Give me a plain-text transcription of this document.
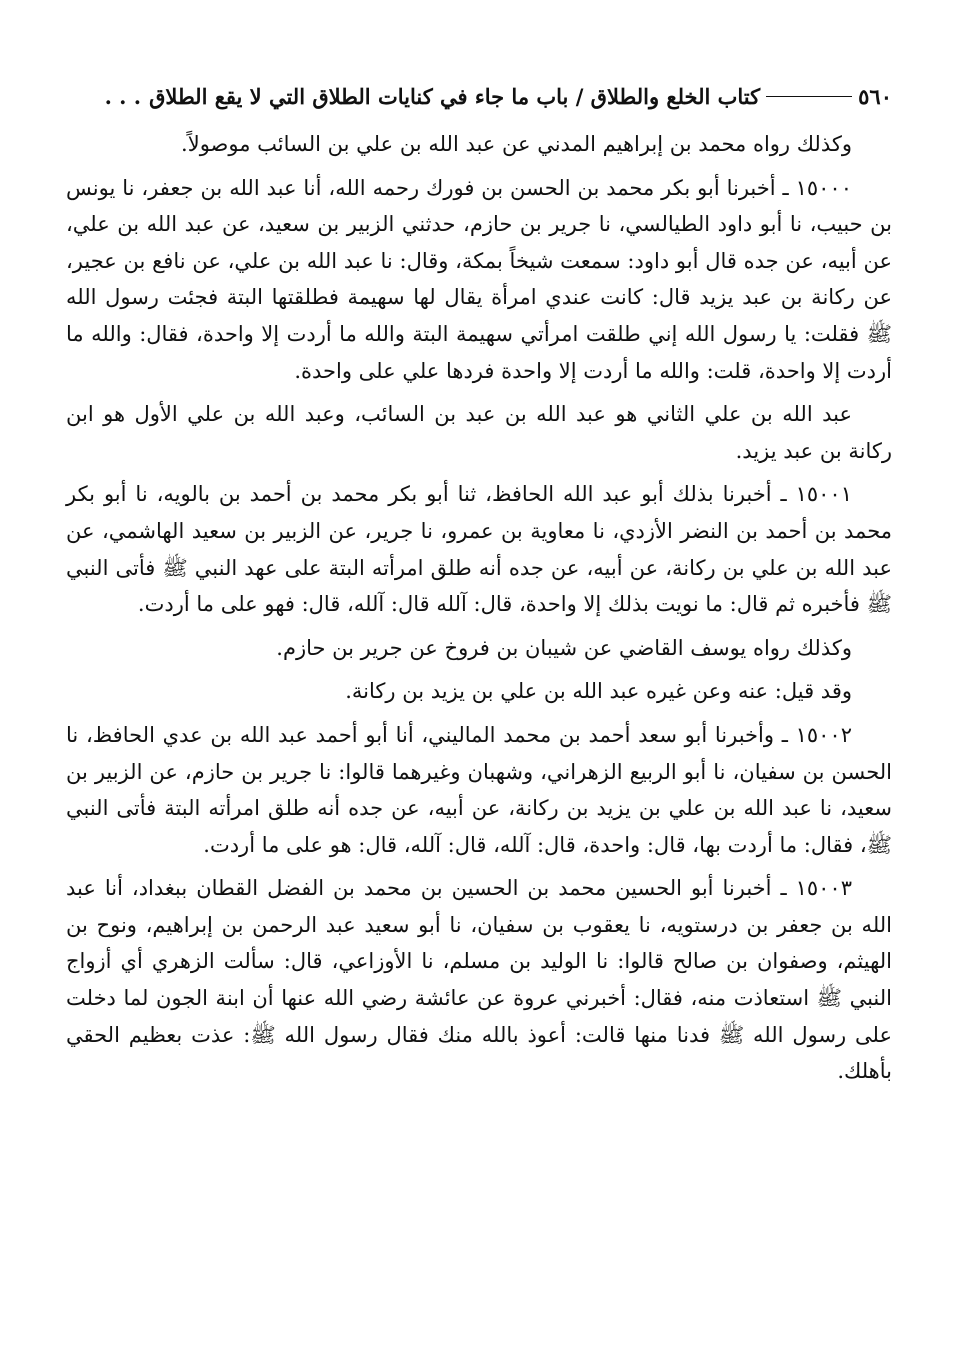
٥٦٠
كتاب الخلع والطلاق / باب ما جاء في كنايات الطلاق التي لا يقع الطلاق
. . .

وكذلك رواه محمد بن إبراهيم المدني عن عبد الله بن علي بن السائب موصولاً.

١٥٠٠٠ ـ أخبرنا أبو بكر محمد بن الحسن بن فورك رحمه الله، أنا عبد الله بن جعفر، نا يونس بن حبيب، نا أبو داود الطيالسي، نا جرير بن حازم، حدثني الزبير بن سعيد، عن عبد الله بن علي، عن أبيه، عن جده قال أبو داود: سمعت شيخاً بمكة، وقال: نا عبد الله بن علي، عن نافع بن عجير، عن ركانة بن عبد يزيد قال: كانت عندي امرأة يقال لها سهيمة فطلقتها البتة فجئت رسول الله ﷺ فقلت: يا رسول الله إني طلقت امرأتي سهيمة البتة والله ما أردت إلا واحدة، فقال: والله ما أردت إلا واحدة، قلت: والله ما أردت إلا واحدة فردها علي على واحدة.

عبد الله بن علي الثاني هو عبد الله بن عبد بن السائب، وعبد الله بن علي الأول هو ابن ركانة بن عبد يزيد.

١٥٠٠١ ـ أخبرنا بذلك أبو عبد الله الحافظ، ثنا أبو بكر محمد بن أحمد بن بالويه، نا أبو بكر محمد بن أحمد بن النضر الأزدي، نا معاوية بن عمرو، نا جرير، عن الزبير بن سعيد الهاشمي، عن عبد الله بن علي بن ركانة، عن أبيه، عن جده أنه طلق امرأته البتة على عهد النبي ﷺ فأتى النبي ﷺ فأخبره ثم قال: ما نويت بذلك إلا واحدة، قال: آلله قال: آلله، قال: فهو على ما أردت.

وكذلك رواه يوسف القاضي عن شيبان بن فروخ عن جرير بن حازم.

وقد قيل: عنه وعن غيره عبد الله بن علي بن يزيد بن ركانة.

١٥٠٠٢ ـ وأخبرنا أبو سعد أحمد بن محمد الماليني، أنا أبو أحمد عبد الله بن عدي الحافظ، نا الحسن بن سفيان، نا أبو الربيع الزهراني، وشهبان وغيرهما قالوا: نا جرير بن حازم، عن الزبير بن سعيد، نا عبد الله بن علي بن يزيد بن ركانة، عن أبيه، عن جده أنه طلق امرأته البتة فأتى النبي ﷺ، فقال: ما أردت بها، قال: واحدة، قال: آلله، قال: آلله، قال: هو على ما أردت.

١٥٠٠٣ ـ أخبرنا أبو الحسين محمد بن الحسين بن محمد بن الفضل القطان ببغداد، أنا عبد الله بن جعفر بن درستويه، نا يعقوب بن سفيان، نا أبو سعيد عبد الرحمن بن إبراهيم، ونوح بن الهيثم، وصفوان بن صالح قالوا: نا الوليد بن مسلم، نا الأوزاعي، قال: سألت الزهري أي أزواج النبي ﷺ استعاذت منه، فقال: أخبرني عروة عن عائشة رضي الله عنها أن ابنة الجون لما دخلت على رسول الله ﷺ فدنا منها قالت: أعوذ بالله منك فقال رسول الله ﷺ: عذت بعظيم الحقي بأهلك.
